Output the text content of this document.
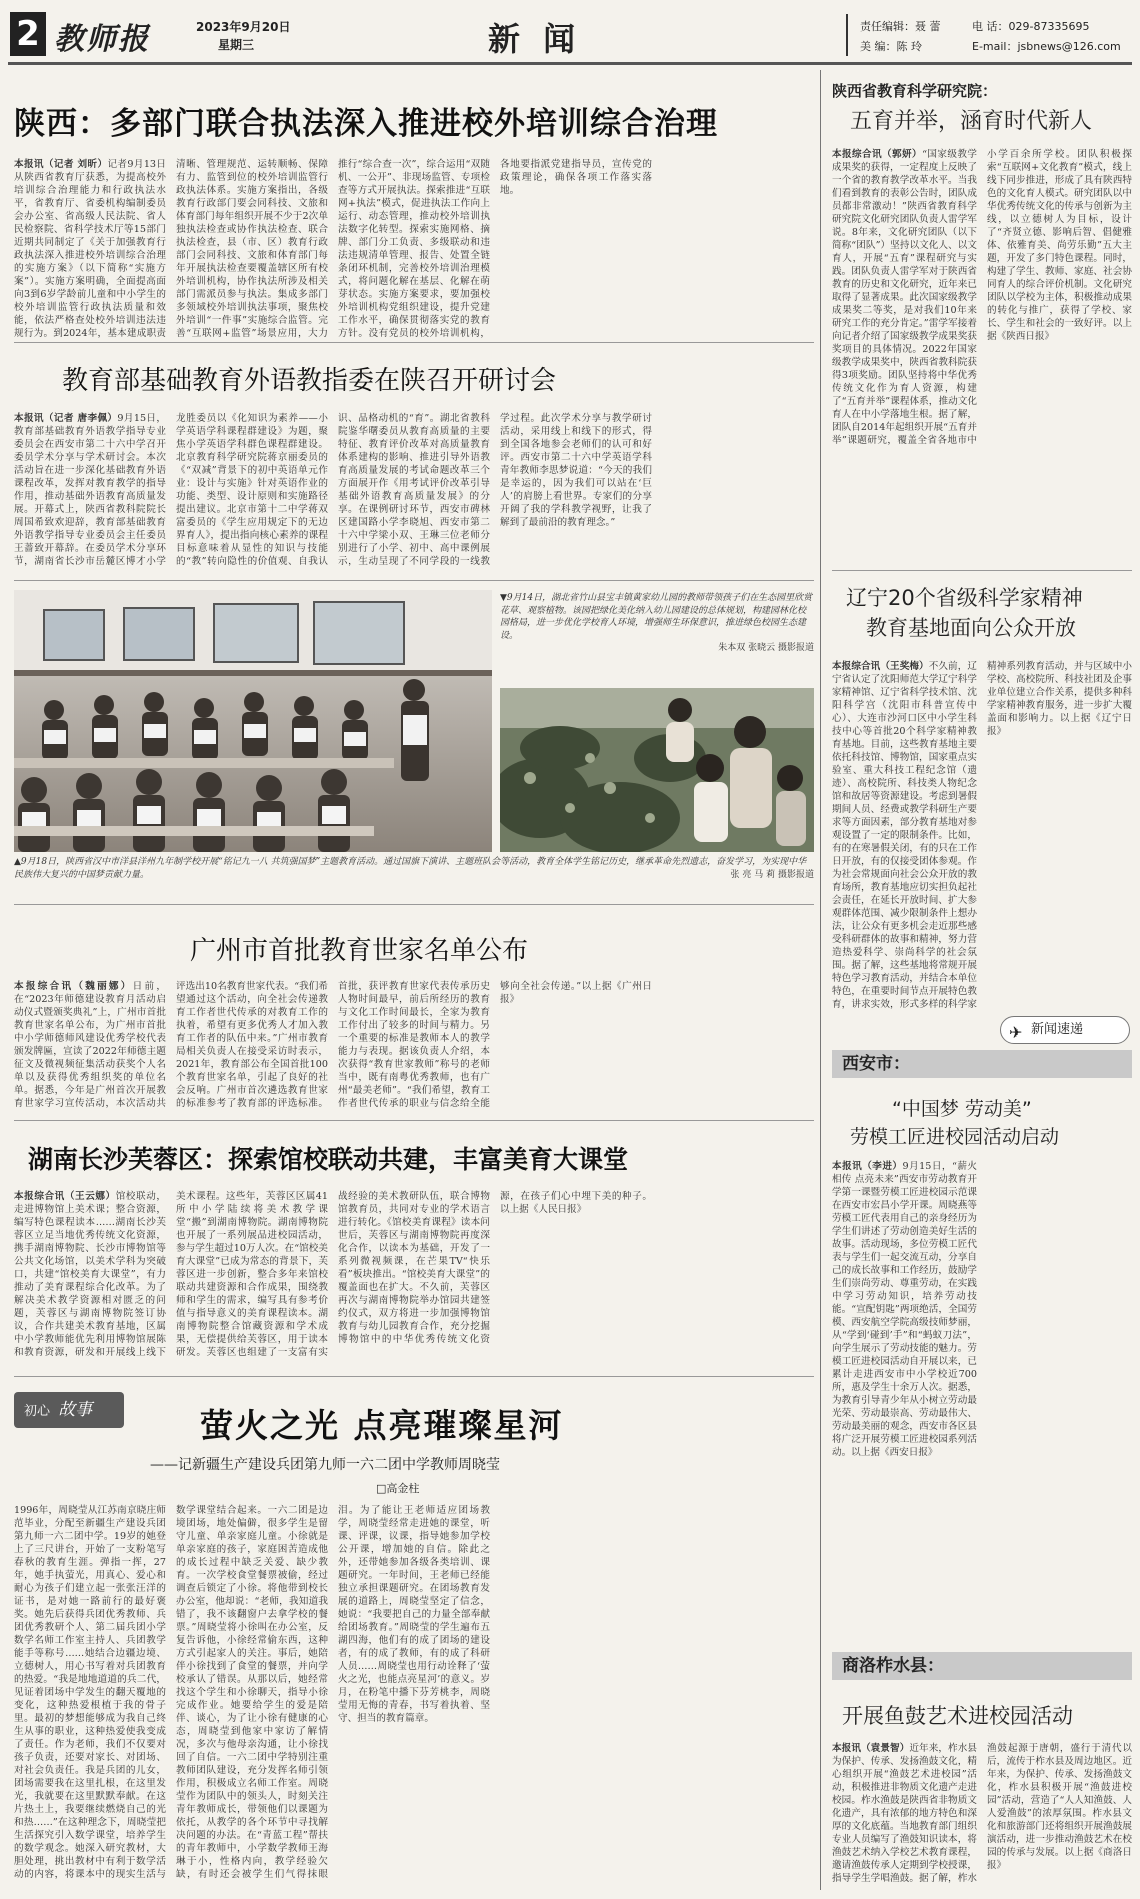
2 教师报	2023年9月20日
星期三	新 闻	责任编辑：聂 蕾	电 话：029-87335695
美 编：陈 玲	E-mail：jsbnews@126.com
陕西：多部门联合执法深入推进校外培训综合治理
本报讯（记者 刘昕）记者9月13日从陕西省教育厅获悉，为提高校外培训综合治理能力和行政执法水平，省教育厅、省委机构编制委员会办公室、省高级人民法院、省人民检察院、省科学技术厅等15部门近期共同制定了《关于加强教育行政执法深入推进校外培训综合治理的实施方案》（以下简称“实施方案”）。实施方案明确，全面提高面向3到6岁学龄前儿童和中小学生的校外培训监管行政执法质量和效能，依法严格查处校外培训违法违规行为。到2024年，基本建成职责清晰、管理规范、运转顺畅、保障有力、监管到位的校外培训监管行政执法体系。实施方案指出，各级教育行政部门要会同科技、文旅和体育部门每年组织开展不少于2次单独执法检查或协作执法检查、联合执法检查，县（市、区）教育行政部门会同科技、文旅和体育部门每年开展执法检查要覆盖辖区所有校外培训机构，协作执法所涉及相关部门需派员参与执法。集成多部门多领域校外培训执法事项，聚焦校外培训“一件事”实施综合监管。完善“互联网+监管”场景应用，大力推行“综合查一次”，综合运用“双随机、一公开”、非现场监管、专项检查等方式开展执法。探索推进“互联网+执法”模式，促进执法工作向上运行、动态管理，推动校外培训执法数字化转型。探索实施网格、摘牌、部门分工负责、多级联动和违法违规清单管理、报告、处置全链条闭环机制，完善校外培训治理模式，将问题化解在基层、化解在萌芽状态。实施方案要求，要加强校外培训机构党组织建设，提升党建工作水平，确保贯彻落实党的教育方针。没有党员的校外培训机构，各地要指派党建指导员，宣传党的政策理论，确保各项工作落实落地。
教育部基础教育外语教指委在陕召开研讨会
本报讯（记者 唐李佩）9月15日，教育部基础教育外语教学指导专业委员会在西安市第二十六中学召开委员学术分享与学术研讨会。本次活动旨在进一步深化基础教育外语课程改革，发挥对教育教学的指导作用，推动基础外语教育高质量发展。开幕式上，陕西省教科院院长周国希致欢迎辞，教育部基础教育外语教学指导专业委员会主任委员王蔷致开幕辞。在委员学术分享环节，湖南省长沙市岳麓区博才小学龙胜委员以《化知识为素养——小学英语学科课程群建设》为题，聚焦小学英语学科群色课程群建设。北京教育科学研究院蒋京丽委员的《“双减”背景下的初中英语单元作业：设计与实施》针对英语作业的功能、类型、设计原则和实施路径提出建议。北京市第十二中学蒋双富委员的《学生应用规定下的无边界育人》，提出指向核心素养的课程目标意味着从显性的知识与技能的“教”转向隐性的价值观、自我认识、品格动机的“育”。湖北省教科院鉴华曙委员从教育高质量的主要特征、教育评价改革对高质量教育体系建构的影响、推进引导外语教育高质量发展的考试命题改革三个方面展开作《用考试评价改革引导基础外语教育高质量发展》的分享。在课例研讨环节，西安市碑林区建国路小学李晓旭、西安市第二十六中学梁小双、王琳三位老师分别进行了小学、初中、高中课例展示，生动呈现了不同学段的一线教学过程。此次学术分享与教学研讨活动，采用线上和线下的形式，得到全国各地参会老师们的认可和好评。西安市第二十六中学英语学科青年教师李思梦说道：“今天的我们是幸运的，因为我们可以站在‘巨人’的肩膀上看世界。专家们的分享开阔了我的学科教学视野，让我了解到了最前沿的教育理念。”
▼9月14日，湖北省竹山县宝丰镇黄家幼儿园的教师带领孩子们在生态园里欣赏花草、观察植物。该园把绿化美化纳入幼儿园建设的总体规划，构建园林化校园格局，进一步优化学校育人环境，增强师生环保意识，推进绿色校园生态建设。
朱本双 张晓云 摄影报道
▲9月18日，陕西省汉中市洋县洋州九年制学校开展“铭记九一八 共筑强国梦”主题教育活动。通过国旗下演讲、主题班队会等活动，教育全体学生铭记历史，继承革命先烈遗志，奋发学习，为实现中华民族伟大复兴的中国梦贡献力量。	张 亮 马 莉 摄影报道
广州市首批教育世家名单公布
本报综合讯（魏丽娜）日前，在“2023年师德建设教育月活动启动仪式暨颁奖典礼”上，广州市首批教育世家名单公布，为广州市首批中小学师德师风建设优秀学校代表颁发牌匾，宣读了2022年师德主题征文及微视频征集活动获奖个人名单以及获得优秀组织奖的单位名单。据悉，今年是广州首次开展教育世家学习宣传活动，本次活动共评选出10名教育世家代表。“我们希望通过这个活动，向全社会传递教育工作者世代传承的对教育工作的执着，希望有更多优秀人才加入教育工作者的队伍中来。”广州市教育局相关负责人在接受采访时表示，2021年，教育部公布全国首批100个教育世家名单，引起了良好的社会反响。广州市首次遴选教育世家的标准参考了教育部的评选标准。首批，获评教育世家代表传承历史人物时间最早，前后所经历的教育与文化工作时间最长，全家为教育工作付出了较多的时间与精力。另一个重要的标准是教师本人的教学能力与表现。据该负责人介绍，本次获得“教育世家教师”称号的老师当中，既有南粤优秀教师，也有广州“最美老师”。“我们希望，教育工作者世代传承的职业与信念给全能够向全社会传递。”以上据《广州日报》
湖南长沙芙蓉区：探索馆校联动共建，丰富美育大课堂
本报综合讯（王云娜）馆校联动，走进博物馆上美术课；整合资源，编写特色课程读本……湖南长沙芙蓉区立足当地优秀传统文化资源，携手湖南博物院、长沙市博物馆等公共文化场馆，以美术学科为突破口，共建“馆校美育大课堂”，有力推动了美育课程综合化改革。为了解决美术教学资源相对匮乏的问题，芙蓉区与湖南博物院签订协议，合作共建美术教育基地，区属中小学教师能优先利用博物馆展陈和教育资源，研发和开展线上线下美术课程。这些年，芙蓉区区属41所中小学陆续将美术教学课堂“搬”到湖南博物院。湖南博物院也开展了一系列展品进校园活动，参与学生超过10万人次。在“馆校美育大课堂”已成为常态的背景下，芙蓉区进一步创新，整合多年来馆校联动共建资源和合作成果，围绕教师和学生的需求，编写具有参考价值与指导意义的美育课程读本。湖南博物院整合馆藏资源和学术成果，无偿提供给芙蓉区，用于读本研发。芙蓉区也组建了一支富有实战经验的美术教研队伍，联合博物馆教育员，共同对专业的学术语言进行转化。《馆校美育课程》读本问世后，芙蓉区与湖南博物院再度深化合作，以读本为基础，开发了一系列微视频课，在芒果TV“快乐看”板块推出。“馆校美育大课堂”的覆盖面也在扩大。不久前，芙蓉区再次与湖南博物院举办馆园共建签约仪式，双方将进一步加强博物馆教育与幼儿园教育合作，充分挖掘博物馆中的中华优秀传统文化资源，在孩子们心中埋下美的种子。以上据《人民日报》
初心 故事	萤火之光 点亮璀璨星河
——记新疆生产建设兵团第九师一六二团中学教师周晓莹
□高金柱
1996年，周晓莹从江苏南京晓庄师范毕业，分配至新疆生产建设兵团第九师一六二团中学。19岁的她登上了三尺讲台，开始了一支粉笔写春秋的教育生涯。弹指一挥，27年，她手执萤光，用真心、爱心和耐心为孩子们建立起一张张汪洋的证书，是对她一路前行的最好褒奖。她先后获得兵团优秀教师、兵团优秀教研个人、第二届兵团小学数学名师工作室主持人、兵团教学能手等称号……她结合边疆边境、立德树人，用心书写着对兵团教育的热爱。“我是地地道道的兵二代，见证着团场中学发生的翻天覆地的变化，这种热爱根植于我的骨子里。最初的梦想能够成为我自己终生从事的职业，这种热爱使我变成了责任。作为老师，我们不仅要对孩子负责，还要对家长、对团场、对社会负责任。我是兵团的儿女，团场需要我在这里扎根，在这里发光，我就要在这里默默奉献。在这片热土上，我要继续燃烧自己的光和热……”在这种理念下，周晓莹把生活探究引入数学课堂，培养学生的数学观念。她深入研究教材，大胆处理，挑出教材中有利于数学活动的内容，将课本中的现实生活与数学课堂结合起来。一六二团是边境团场，地处偏僻，很多学生是留守儿童、单亲家庭儿童。小徐就是单亲家庭的孩子，家庭困苦造成他的成长过程中缺乏关爱、缺少教育。一次学校食堂餐票被偷，经过调查后锁定了小徐。将他带到校长办公室，他却说：“老师，我知道我错了，我不该翻窗户去拿学校的餐票。”周晓莹将小徐叫在办公室，反复告诉他，小徐经常偷东西，这种方式引起家人的关注。事后，她陪伴小徐找到了食堂的餐票，并向学校承认了错误。从那以后，她经常找这个学生和小徐聊天，指导小徐完成作业。她要给学生的爱是陪伴、谈心，为了让小徐有健康的心态，周晓莹到他家中家访了解情况，多次与他母亲沟通，让小徐找回了自信。一六二团中学特别注重教师团队建设，充分发挥名师引领作用，积极成立名师工作室。周晓莹作为团队中的领头人，时刻关注青年教师成长，带领他们以课题为依托，从教学的各个环节中寻找解决问题的办法。在“青蓝工程”帮扶的青年教师中，小学数学教师王海琳于小，性格内向，教学经验欠缺，有时还会被学生们气得抹眼泪。为了能让王老师适应团场教学，周晓莹经常走进她的课堂，听课、评课，议课，指导她参加学校公开课，增加她的自信。除此之外，还带她参加各级各类培训、课题研究。一年时间，王老师已经能独立承担课题研究。在团场教育发展的道路上，周晓莹坚定了信念，她说：“我要把自己的力量全部奉献给团场教育。”周晓莹的学生遍布五湖四海，他们有的成了团场的建设者，有的成了教师，有的成了科研人员……周晓莹也用行动诠释了‘萤火之光，也能点亮星河’的意义。岁月，在粉笔中播下芬芳桃李，周晓莹用无悔的青春，书写着执着、坚守、担当的教育篇章。
陕西省教育科学研究院：
五育并举，涵育时代新人
本报综合讯（郭妍）“国家级教学成果奖的获得，一定程度上反映了一个省的教育教学改革水平。当我们看到教育的表彰公告时，团队成员都非常激动！”陕西省教育科学研究院文化研究团队负责人雷学军说。8年来，文化研究团队（以下简称“团队”）坚持以文化人、以文育人，开展“五育”课程研究与实践。团队负责人雷学军对于陕西省教育的历史和文化研究，近年来已取得了显著成果。此次国家级教学成果奖二等奖，是对我们10年来研究工作的充分肯定。”雷学军接着向记者介绍了国家级教学成果奖获奖项目的具体情况。2022年国家级教学成果奖中，陕西省教科院获得3项奖励。团队坚持将中华优秀传统文化作为育人资源，构建了“五育并举”课程体系，推动文化育人在中小学落地生根。据了解，团队自2014年起组织开展“五育并举”课题研究，覆盖全省各地市中小学百余所学校。团队积极探索“互联网+文化教育”模式，线上线下同步推进，形成了具有陕西特色的文化育人模式。研究团队以中华优秀传统文化的传承与创新为主线，以立德树人为目标，设计了“齐贤立德、影响后智、倡健雅体、依雅育美、尚劳乐勤”五大主题，开发了多门特色课程。同时，构建了学生、教师、家庭、社会协同育人的综合评价机制。文化研究团队以学校为主体，积极推动成果的转化与推广，获得了学校、家长、学生和社会的一致好评。以上据《陕西日报》
辽宁20个省级科学家精神
教育基地面向公众开放
本报综合讯（王奖梅）不久前，辽宁省认定了沈阳师范大学辽宁科学家精神馆、辽宁省科学技术馆、沈阳科学宫（沈阳市科普宣传中心）、大连市沙河口区中小学生科技中心等首批20个科学家精神教育基地。目前，这些教育基地主要依托科技馆、博物馆，国家重点实验室、重大科技工程纪念馆（遗迹）、高校院所、科技类人物纪念馆和故居等资源建设。考虑到暑假期间人员、经费或教学科研生产要求等方面因素，部分教育基地对参观设置了一定的限制条件。比如，有的在寒暑假关闭，有的只在工作日开放，有的仅接受团体参观。作为社会常规面向社会公众开放的教育场所，教育基地应切实担负起社会责任，在延长开放时间、扩大参观群体范围、减少限制条件上想办法，让公众有更多机会走近那些感受科研群体的故事和精神，努力营造热爱科学、崇尚科学的社会氛围。据了解，这些基地将常规开展特色学习教育活动，并结合本单位特色，在重要时间节点开展特色教育，讲求实效，形式多样的科学家精神系列教育活动，并与区域中小学校、高校院所、科技社团及企事业单位建立合作关系，提供多种科学家精神教育服务，进一步扩大覆盖面和影响力。以上据《辽宁日报》
✈ 新闻速递
西安市：
“中国梦 劳动美”
劳模工匠进校园活动启动
本报讯（李进）9月15日，“薪火相传 点亮未来”西安市劳动教育开学第一课暨劳模工匠进校园示范课在西安市宏昌小学开课。周晓燕等劳模工匠代表用自己的亲身经历为学生们讲述了劳动创造美好生活的故事。活动现场，多位劳模工匠代表与学生们一起交流互动，分享自己的成长故事和工作经历，鼓励学生们崇尚劳动、尊重劳动，在实践中学习劳动知识，培养劳动技能。“宣配钥匙”两项绝活，全国劳模、西安航空学院高级技师梦丽，从“学到‘碰到’手”和“蚂蚁刀法”，向学生展示了劳动技能的魅力。劳模工匠进校园活动自开展以来，已累计走进西安市中小学校近700所，惠及学生十余万人次。据悉，为教育引导青少年从小树立劳动最光荣、劳动最崇高、劳动最伟大、劳动最美丽的观念，西安市各区县将广泛开展劳模工匠进校园系列活动。以上据《西安日报》
商洛柞水县：
开展鱼鼓艺术进校园活动
本报讯（袁景智）近年来，柞水县为保护、传承、发扬渔鼓文化，精心组织开展“渔鼓艺术进校园”活动，积极推进非物质文化遗产走进校园。柞水渔鼓是陕西省非物质文化遗产，具有浓郁的地方特色和深厚的文化底蕴。当地教育部门组织专业人员编写了渔鼓知识读本，将渔鼓艺术纳入学校艺术教育课程，邀请渔鼓传承人定期到学校授课，指导学生学唱渔鼓。据了解，柞水渔鼓起源于唐朝，盛行于清代以后，流传于柞水县及周边地区。近年来，为保护、传承、发扬渔鼓文化，柞水县积极开展“渔鼓进校园”活动，营造了“人人知渔鼓、人人爱渔鼓”的浓厚氛围。柞水县文化和旅游部门还将组织开展渔鼓展演活动，进一步推动渔鼓艺术在校园的传承与发展。以上据《商洛日报》
